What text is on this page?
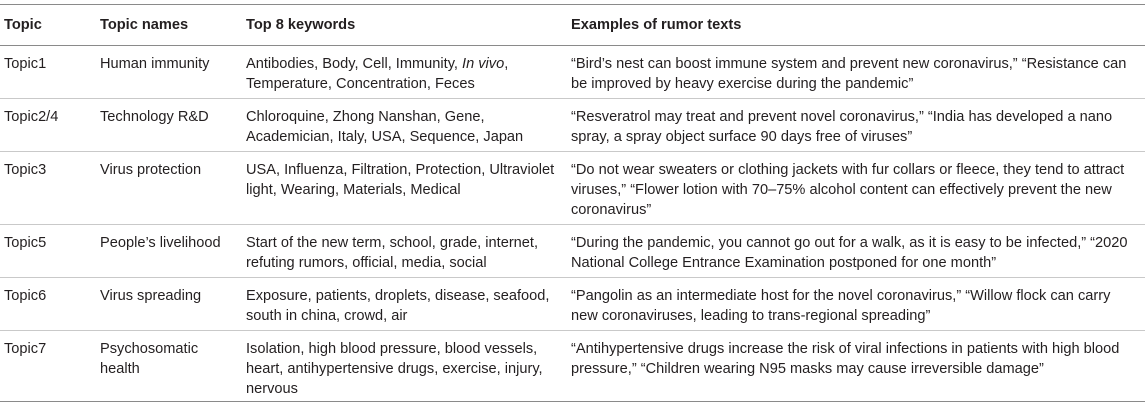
Topic	Topic names	Top 8 keywords	Examples of rumor texts
Topic1	Human immunity	Antibodies, Body, Cell, Immunity, In vivo, Temperature, Concentration, Feces	“Bird’s nest can boost immune system and prevent new coronavirus,” “Resistance can be improved by heavy exercise during the pandemic”

Topic2/4	Technology R&D	Chloroquine, Zhong Nanshan, Gene, Academician, Italy, USA, Sequence, Japan	“Resveratrol may treat and prevent novel coronavirus,” “India has developed a nano spray, a spray object surface 90 days free of viruses”

Topic3	Virus protection	USA, Influenza, Filtration, Protection, Ultraviolet light, Wearing, Materials, Medical	“Do not wear sweaters or clothing jackets with fur collars or fleece, they tend to attract viruses,” “Flower lotion with 70–75% alcohol content can effectively prevent the new coronavirus”

Topic5	People’s livelihood	Start of the new term, school, grade, internet, refuting rumors, official, media, social	“During the pandemic, you cannot go out for a walk, as it is easy to be infected,” “2020 National College Entrance Examination postponed for one month”

Topic6	Virus spreading	Exposure, patients, droplets, disease, seafood, south in china, crowd, air	“Pangolin as an intermediate host for the novel coronavirus,” “Willow flock can carry new coronaviruses, leading to trans-regional spreading”

Topic7	Psychosomatic health	Isolation, high blood pressure, blood vessels, heart, antihypertensive drugs, exercise, injury, nervous	“Antihypertensive drugs increase the risk of viral infections in patients with high blood pressure,” “Children wearing N95 masks may cause irreversible damage”
